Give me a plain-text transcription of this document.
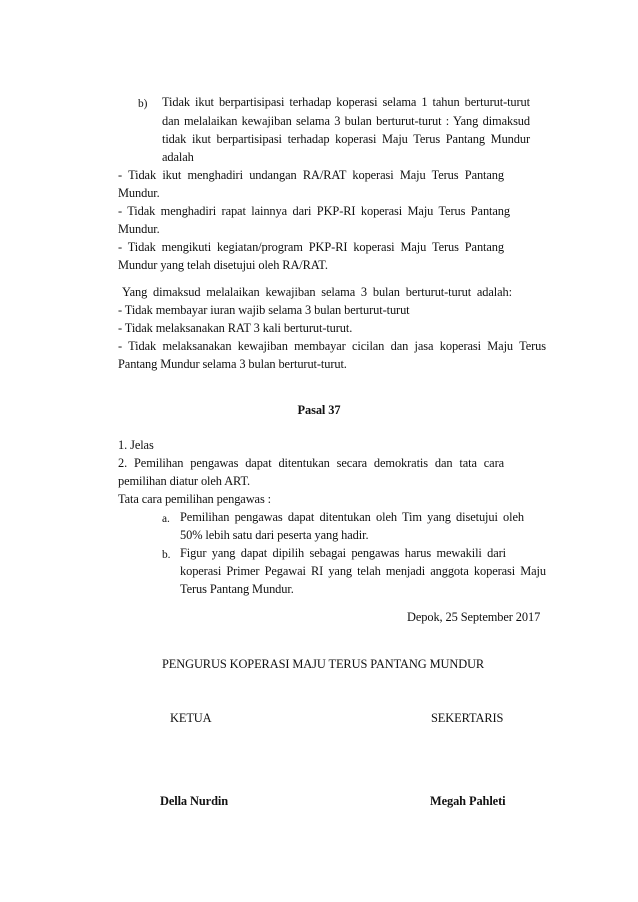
b) Tidak ikut berpartisipasi terhadap koperasi selama 1 tahun berturut-turut
dan melalaikan kewajiban selama 3 bulan berturut-turut : Yang dimaksud
tidak ikut berpartisipasi terhadap koperasi Maju Terus Pantang Mundur
adalah
- Tidak ikut menghadiri undangan RA/RAT koperasi Maju Terus Pantang
Mundur.
- Tidak menghadiri rapat lainnya dari PKP-RI koperasi Maju Terus Pantang
Mundur.
- Tidak mengikuti kegiatan/program PKP-RI koperasi Maju Terus Pantang
Mundur yang telah disetujui oleh RA/RAT.
Yang dimaksud melalaikan kewajiban selama 3 bulan berturut-turut adalah:
- Tidak membayar iuran wajib selama 3 bulan berturut-turut
- Tidak melaksanakan RAT 3 kali berturut-turut.
- Tidak melaksanakan kewajiban membayar cicilan dan jasa koperasi Maju Terus
Pantang Mundur selama 3 bulan berturut-turut.
Pasal 37
1. Jelas
2. Pemilihan pengawas dapat ditentukan secara demokratis dan tata cara
pemilihan diatur oleh ART.
Tata cara pemilihan pengawas :
a. Pemilihan pengawas dapat ditentukan oleh Tim yang disetujui oleh
50% lebih satu dari peserta yang hadir.
b. Figur yang dapat dipilih sebagai pengawas harus mewakili dari
koperasi Primer Pegawai RI yang telah menjadi anggota koperasi Maju
Terus Pantang Mundur.
Depok, 25 September 2017
PENGURUS KOPERASI MAJU TERUS PANTANG MUNDUR
KETUA	SEKERTARIS
Della Nurdin	Megah Pahleti
